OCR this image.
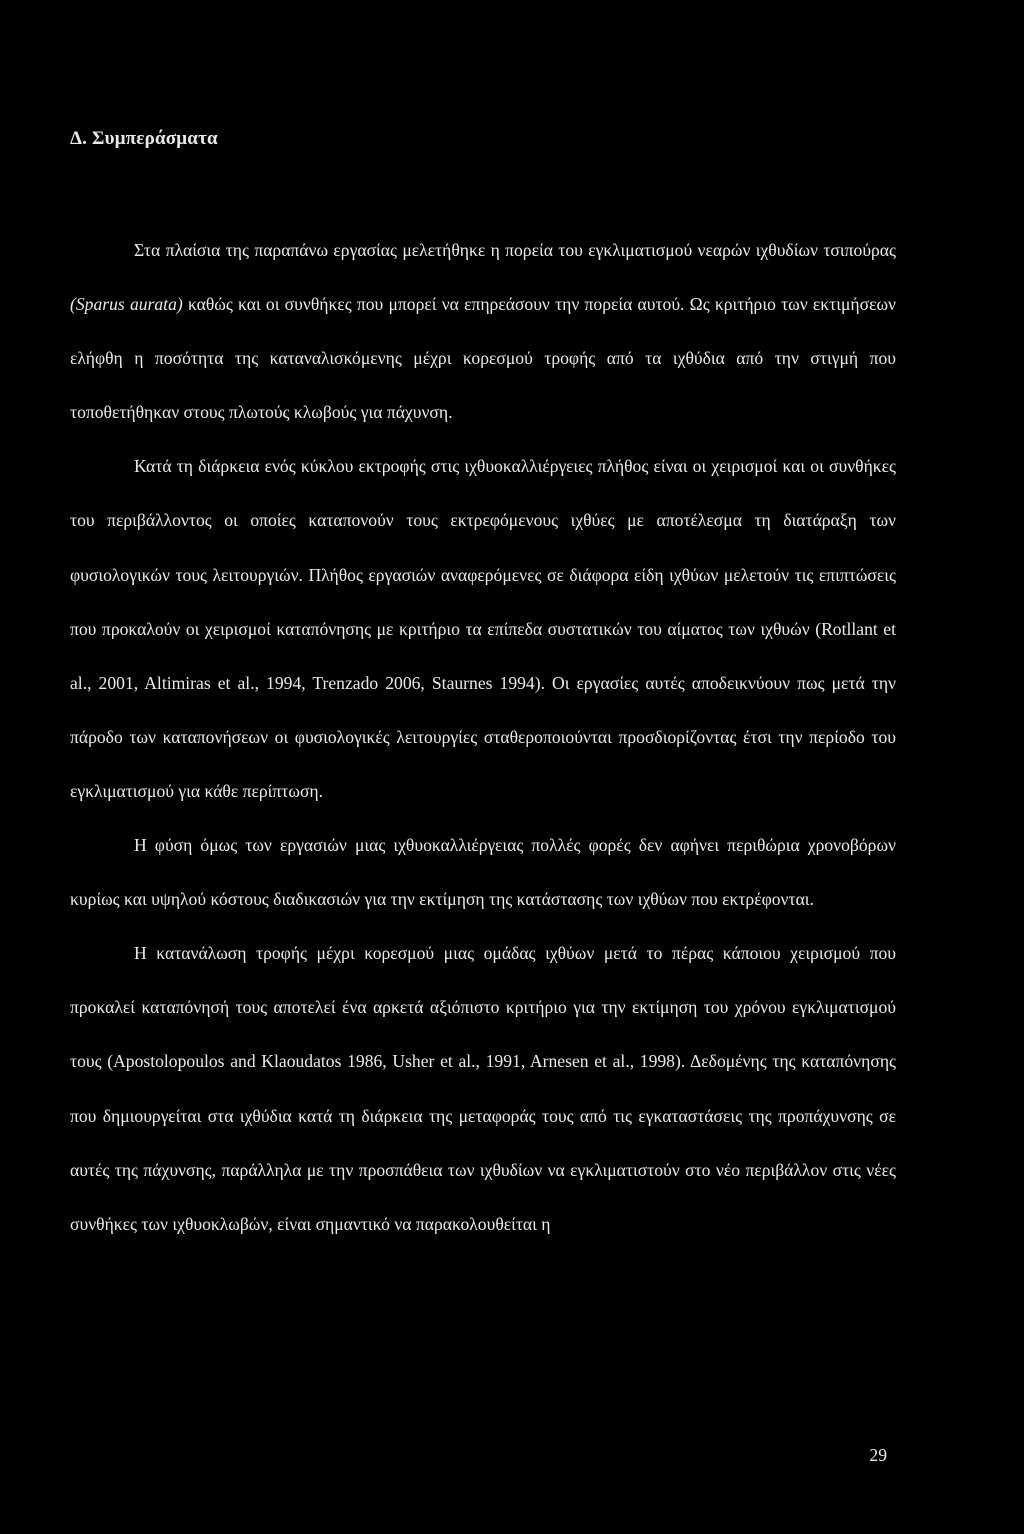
Δ. Συμπεράσματα

Στα πλαίσια της παραπάνω εργασίας μελετήθηκε η πορεία του εγκλιματισμού νεαρών ιχθυδίων τσιπούρας (Sparus aurata) καθώς και οι συνθήκες που μπορεί να επηρεάσουν την πορεία αυτού. Ως κριτήριο των εκτιμήσεων ελήφθη η ποσότητα της καταναλισκόμενης μέχρι κορεσμού τροφής από τα ιχθύδια από την στιγμή που τοποθετήθηκαν στους πλωτούς κλωβούς για πάχυνση.

Κατά τη διάρκεια ενός κύκλου εκτροφής στις ιχθυοκαλλιέργειες πλήθος είναι οι χειρισμοί και οι συνθήκες του περιβάλλοντος οι οποίες καταπονούν τους εκτρεφόμενους ιχθύες με αποτέλεσμα τη διατάραξη των φυσιολογικών τους λειτουργιών. Πλήθος εργασιών αναφερόμενες σε διάφορα είδη ιχθύων μελετούν τις επιπτώσεις που προκαλούν οι χειρισμοί καταπόνησης με κριτήριο τα επίπεδα συστατικών του αίματος των ιχθυών (Rotllant et al., 2001, Altimiras et al., 1994, Trenzado 2006, Staurnes 1994). Οι εργασίες αυτές αποδεικνύουν πως μετά την πάροδο των καταπονήσεων οι φυσιολογικές λειτουργίες σταθεροποιούνται προσδιορίζοντας έτσι την περίοδο του εγκλιματισμού για κάθε περίπτωση.

Η φύση όμως των εργασιών μιας ιχθυοκαλλιέργειας πολλές φορές δεν αφήνει περιθώρια χρονοβόρων κυρίως και υψηλού κόστους διαδικασιών για την εκτίμηση της κατάστασης των ιχθύων που εκτρέφονται.

Η κατανάλωση τροφής μέχρι κορεσμού μιας ομάδας ιχθύων μετά το πέρας κάποιου χειρισμού που προκαλεί καταπόνησή τους αποτελεί ένα αρκετά αξιόπιστο κριτήριο για την εκτίμηση του χρόνου εγκλιματισμού τους (Apostolopoulos and Klaoudatos 1986, Usher et al., 1991, Arnesen et al., 1998). Δεδομένης της καταπόνησης που δημιουργείται στα ιχθύδια κατά τη διάρκεια της μεταφοράς τους από τις εγκαταστάσεις της προπάχυνσης σε αυτές της πάχυνσης, παράλληλα με την προσπάθεια των ιχθυδίων να εγκλιματιστούν στο νέο περιβάλλον στις νέες συνθήκες των ιχθυοκλωβών, είναι σημαντικό να παρακολουθείται η

29
